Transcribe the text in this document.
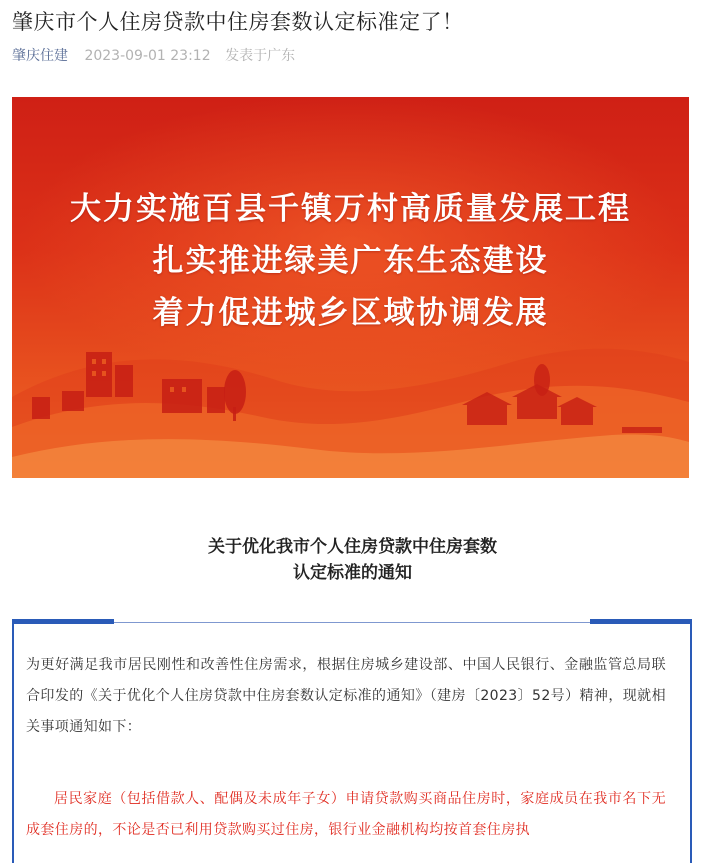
肇庆市个人住房贷款中住房套数认定标准定了！
肇庆住建 2023-09-01 23:12 发表于广东
大力实施百县千镇万村高质量发展工程
扎实推进绿美广东生态建设
着力促进城乡区域协调发展
关于优化我市个人住房贷款中住房套数
认定标准的通知
为更好满足我市居民刚性和改善性住房需求，根据住房城乡建设部、中国人民银行、金融监管总局联合印发的《关于优化个人住房贷款中住房套数认定标准的通知》（建房〔2023〕52号）精神，现就相关事项通知如下：
居民家庭（包括借款人、配偶及未成年子女）申请贷款购买商品住房时，家庭成员在我市名下无成套住房的，不论是否已利用贷款购买过住房，银行业金融机构均按首套住房执
